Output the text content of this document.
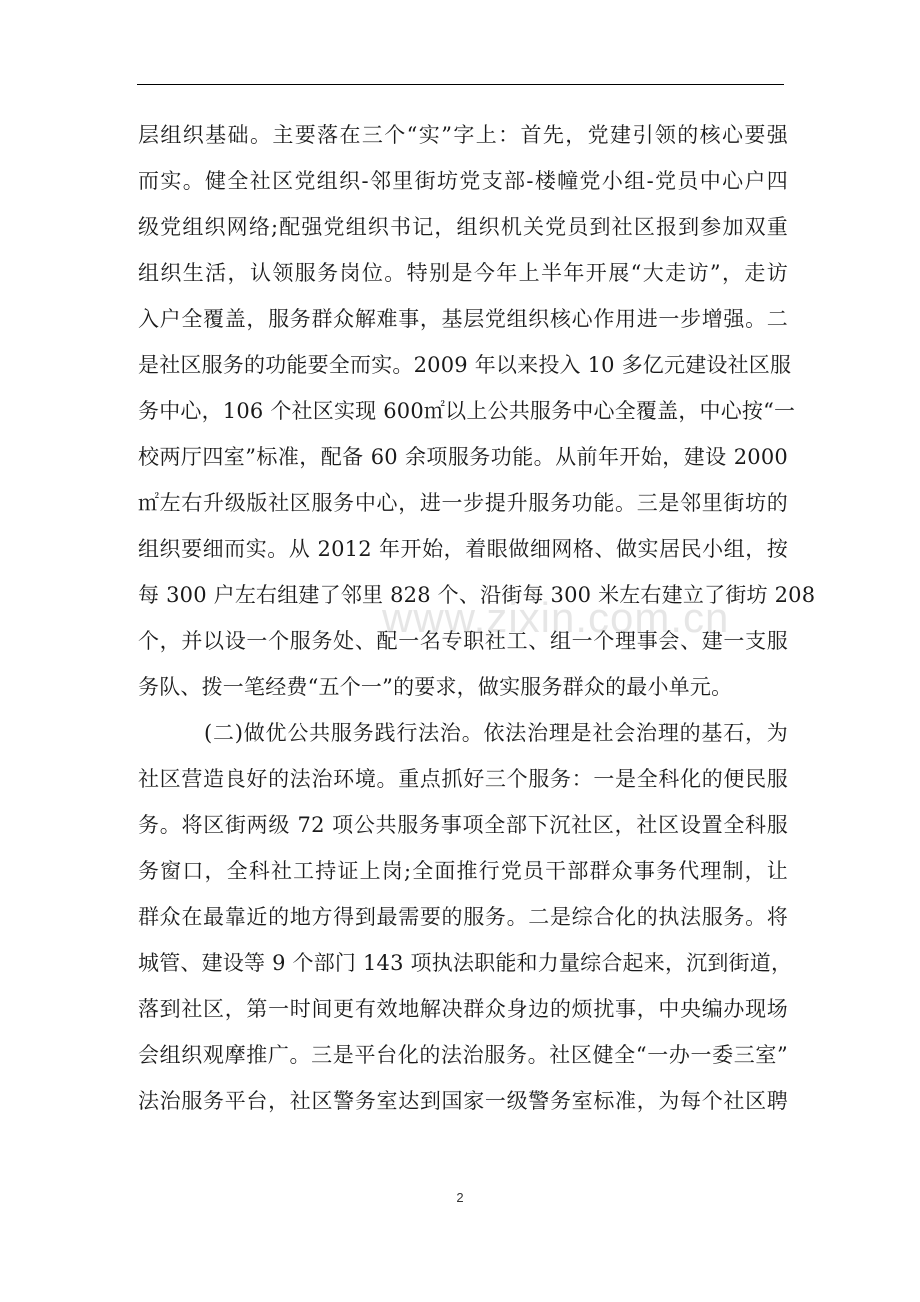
层组织基础。主要落在三个“实”字上：首先，党建引领的核心要强
而实。健全社区党组织-邻里街坊党支部-楼幢党小组-党员中心户四
级党组织网络;配强党组织书记，组织机关党员到社区报到参加双重
组织生活，认领服务岗位。特别是今年上半年开展“大走访”，走访
入户全覆盖，服务群众解难事，基层党组织核心作用进一步增强。二
是社区服务的功能要全而实。2009 年以来投入 10 多亿元建设社区服
务中心，106 个社区实现 600㎡以上公共服务中心全覆盖，中心按“一
校两厅四室”标准，配备 60 余项服务功能。从前年开始，建设 2000
㎡左右升级版社区服务中心，进一步提升服务功能。三是邻里街坊的
组织要细而实。从 2012 年开始，着眼做细网格、做实居民小组，按
每 300 户左右组建了邻里 828 个、沿街每 300 米左右建立了街坊 208
个，并以设一个服务处、配一名专职社工、组一个理事会、建一支服
务队、拨一笔经费“五个一”的要求，做实服务群众的最小单元。
(二)做优公共服务践行法治。依法治理是社会治理的基石，为
社区营造良好的法治环境。重点抓好三个服务：一是全科化的便民服
务。将区街两级 72 项公共服务事项全部下沉社区，社区设置全科服
务窗口，全科社工持证上岗;全面推行党员干部群众事务代理制，让
群众在最靠近的地方得到最需要的服务。二是综合化的执法服务。将
城管、建设等 9 个部门 143 项执法职能和力量综合起来，沉到街道，
落到社区，第一时间更有效地解决群众身边的烦扰事，中央编办现场
会组织观摩推广。三是平台化的法治服务。社区健全“一办一委三室”
法治服务平台，社区警务室达到国家一级警务室标准，为每个社区聘
www.zixin.com.cn
2
